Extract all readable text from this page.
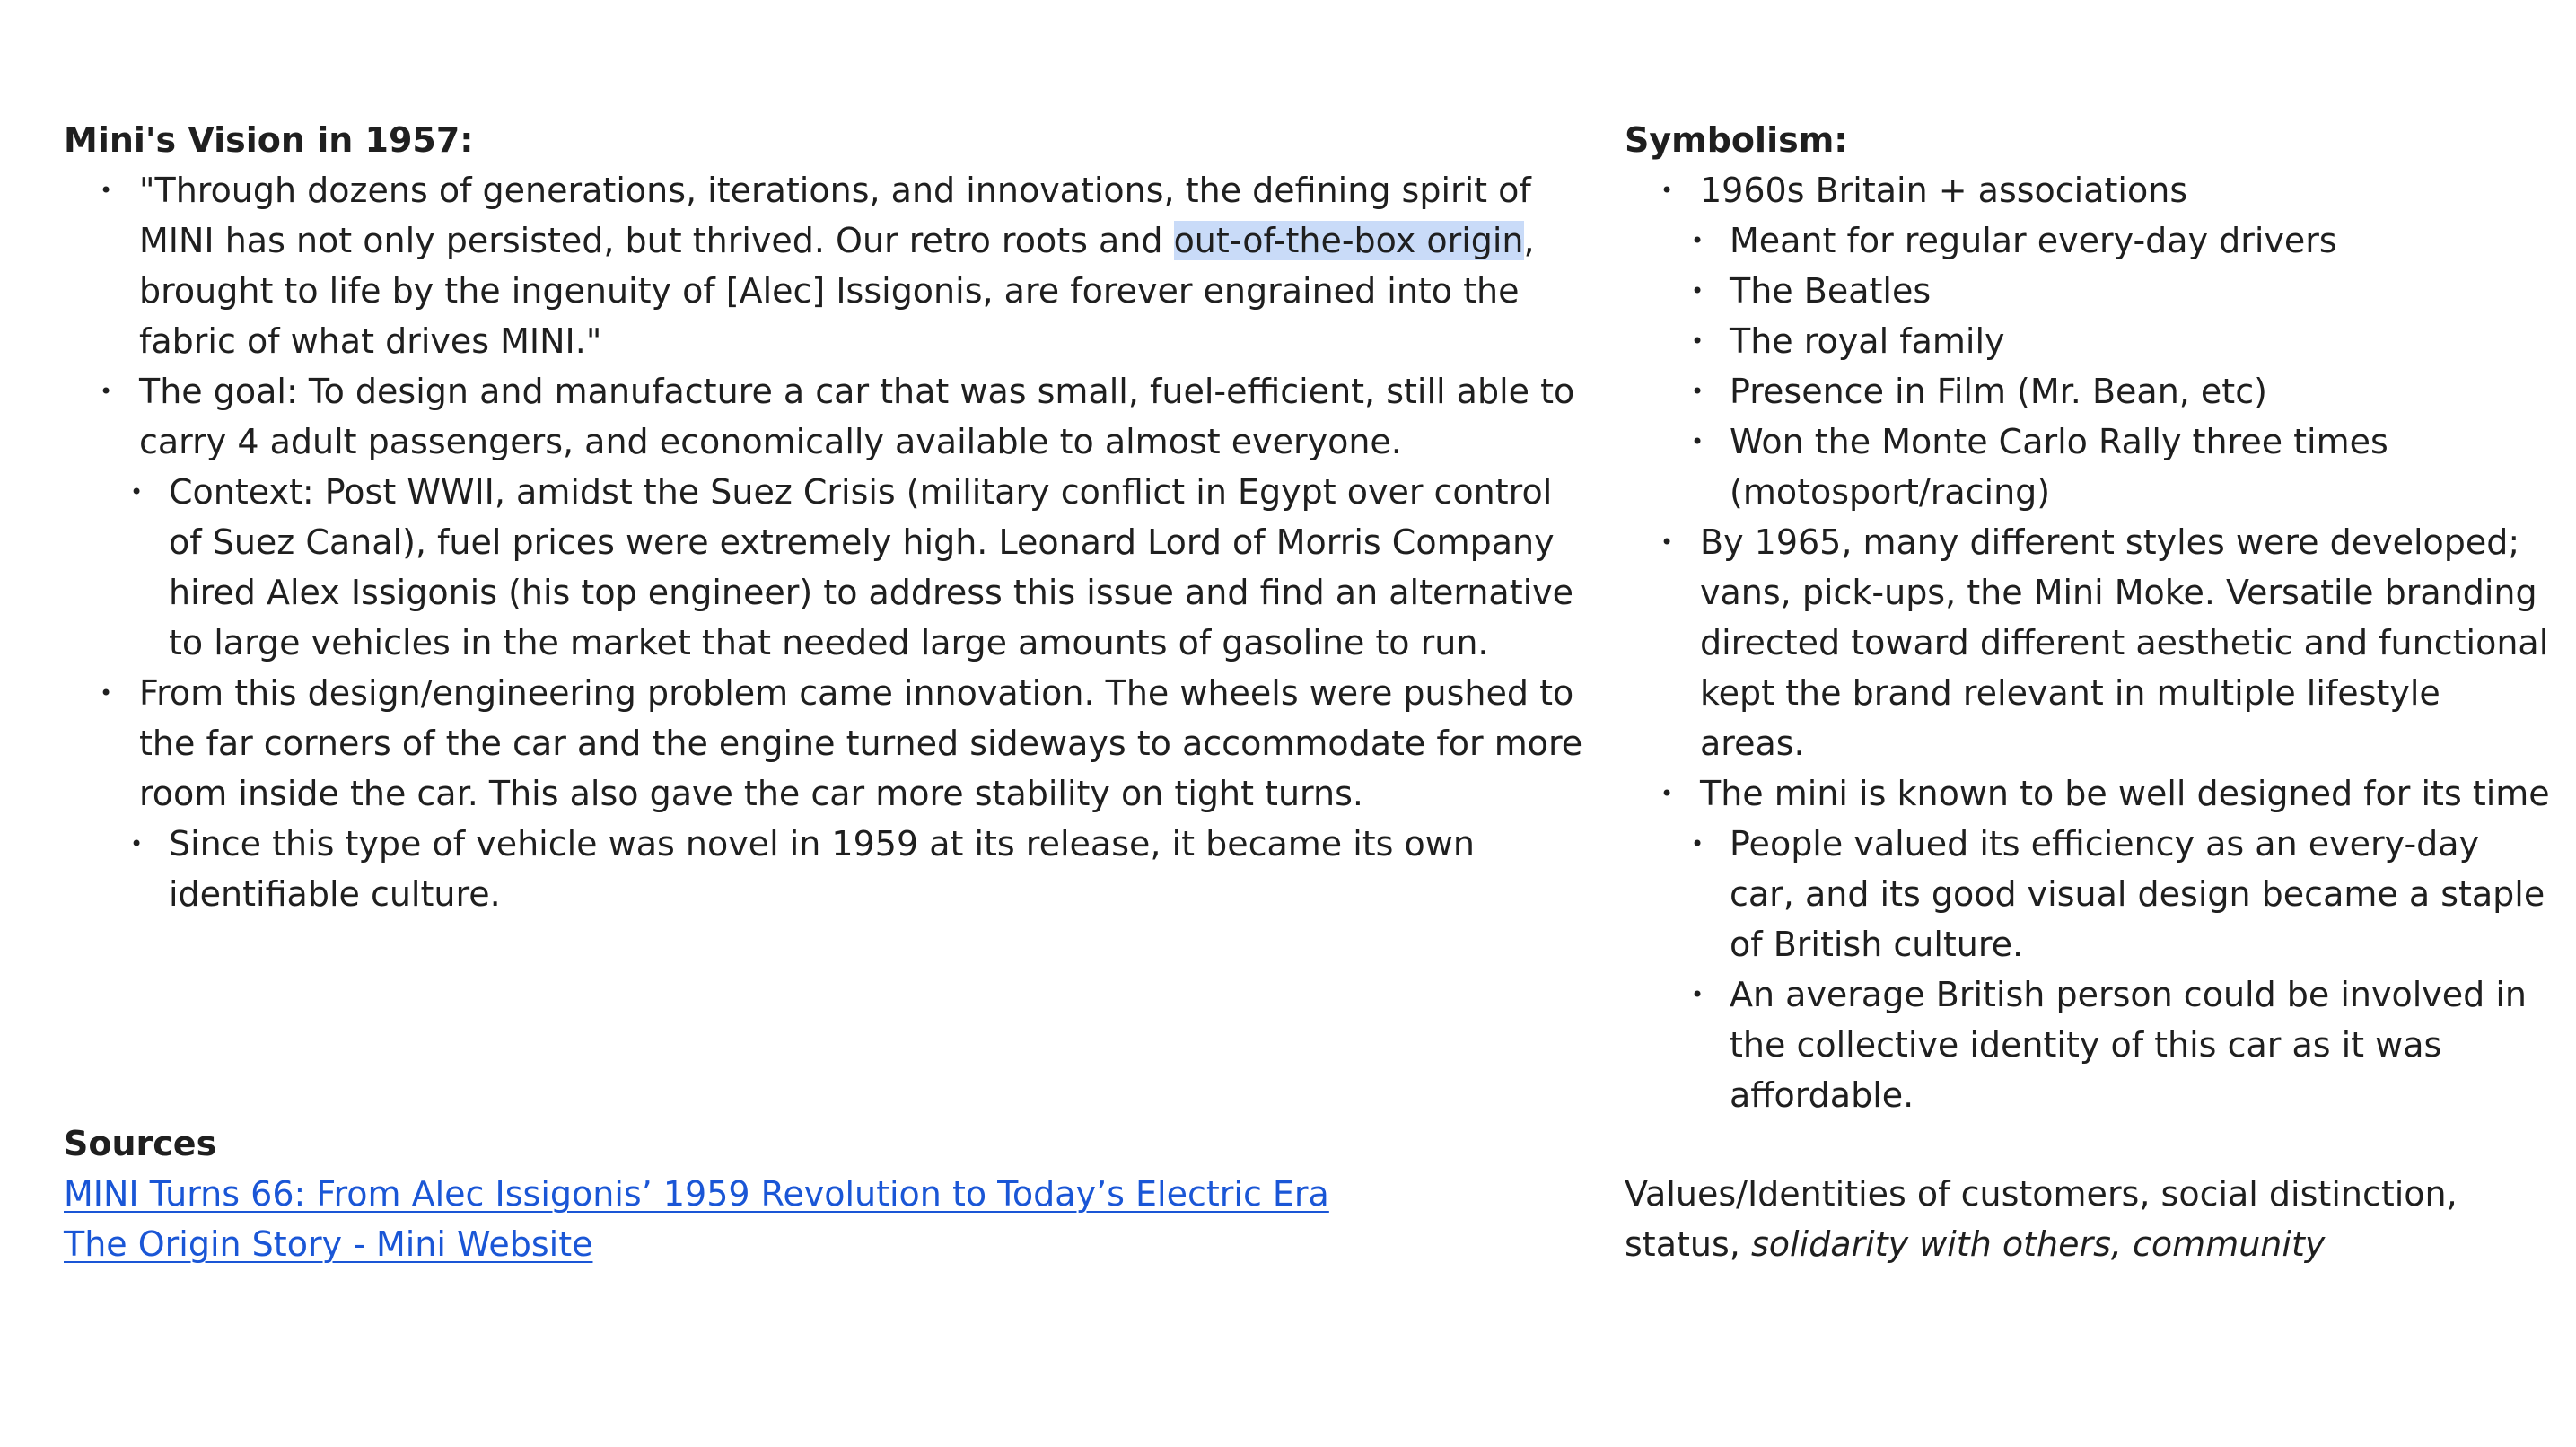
Mini's Vision in 1957:
• "Through dozens of generations, iterations, and innovations, the defining spirit of MINI has not only persisted, but thrived. Our retro roots and out-of-the-box origin, brought to life by the ingenuity of [Alec] Issigonis, are forever engrained into the fabric of what drives MINI."
• The goal: To design and manufacture a car that was small, fuel-efficient, still able to carry 4 adult passengers, and economically available to almost everyone.
• Context: Post WWII, amidst the Suez Crisis (military conflict in Egypt over control of Suez Canal), fuel prices were extremely high. Leonard Lord of Morris Company hired Alex Issigonis (his top engineer) to address this issue and find an alternative to large vehicles in the market that needed large amounts of gasoline to run.
• From this design/engineering problem came innovation. The wheels were pushed to the far corners of the car and the engine turned sideways to accommodate for more room inside the car. This also gave the car more stability on tight turns.
• Since this type of vehicle was novel in 1959 at its release, it became its own identifiable culture.
Sources
MINI Turns 66: From Alec Issigonis’ 1959 Revolution to Today’s Electric Era
The Origin Story - Mini Website
Symbolism:
• 1960s Britain + associations
• Meant for regular every-day drivers
• The Beatles
• The royal family
• Presence in Film (Mr. Bean, etc)
• Won the Monte Carlo Rally three times (motosport/racing)
• By 1965, many different styles were developed; vans, pick-ups, the Mini Moke. Versatile branding directed toward different aesthetic and functional kept the brand relevant in multiple lifestyle areas.
• The mini is known to be well designed for its time
• People valued its efficiency as an every-day car, and its good visual design became a staple of British culture.
• An average British person could be involved in the collective identity of this car as it was affordable.
Values/Identities of customers, social distinction, status, solidarity with others, community
